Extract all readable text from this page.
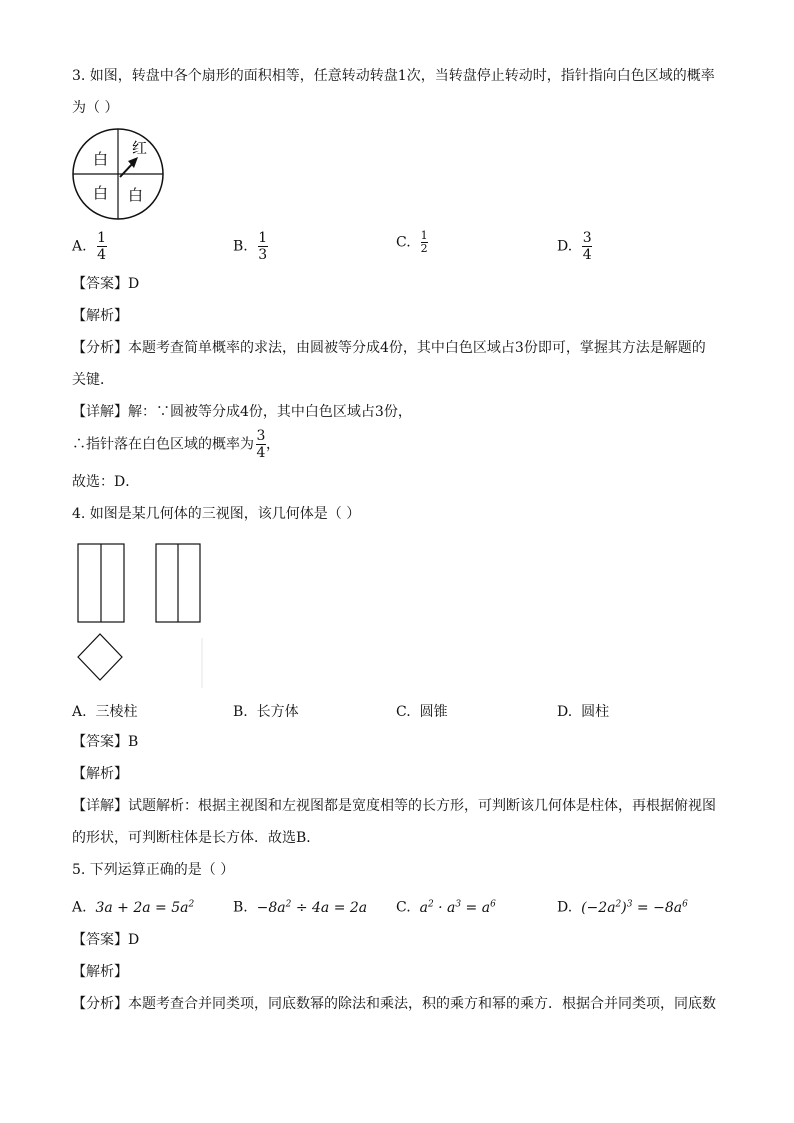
3. 如图，转盘中各个扇形的面积相等，任意转动转盘1次，当转盘停止转动时，指针指向白色区域的概率
为（ ）
白
红
白 白
A. $\frac{1}{4}$	B. $\frac{1}{3}$	C. $\frac{1}{2}$	D. $\frac{3}{4}$
【答案】D
【解析】
【分析】本题考查简单概率的求法，由圆被等分成4份，其中白色区域占3份即可，掌握其方法是解题的
关键．
【详解】解：∵圆被等分成4份，其中白色区域占3份，
∴指针落在白色区域的概率为 $\frac{3}{4}$ ，
故选：D．
4. 如图是某几何体的三视图，该几何体是（ ）
A. 三棱柱	B. 长方体	C. 圆锥	D. 圆柱
【答案】B
【解析】
【详解】试题解析：根据主视图和左视图都是宽度相等的长方形，可判断该几何体是柱体，再根据俯视图
的形状，可判断柱体是长方体．故选B．
5. 下列运算正确的是（ ）
A. $3a + 2a = 5a^2$	B. $-8a^2 \div 4a = 2a$ C. $a^2 \cdot a^3 = a^6$	D. $(-2a^2)^3 = -8a^6$
【答案】D
【解析】
【分析】本题考查合并同类项，同底数幂的除法和乘法，积的乘方和幂的乘方．根据合并同类项，同底数
